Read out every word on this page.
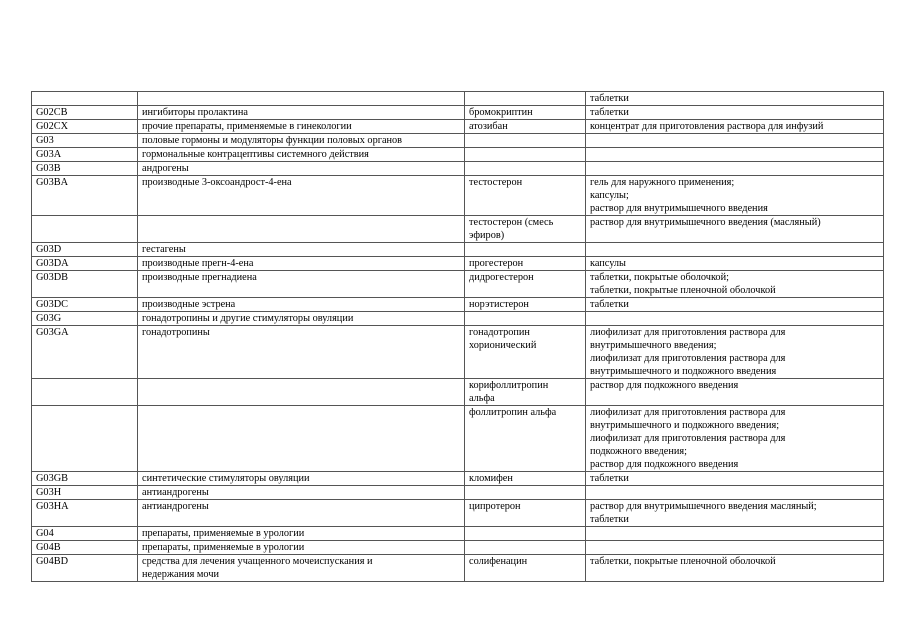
			таблетки

G02CB	ингибиторы пролактина	бромокриптин	таблетки

G02CX	прочие препараты, применяемые в гинекологии	атозибан	концентрат для приготовления раствора для инфузий

G03	половые гормоны и модуляторы функции половых органов		

G03A	гормональные контрацептивы системного действия		

G03B	андрогены		

G03BA	производные 3-оксоандрост-4-ена	тестостерон	гель для наружного применения;
капсулы;
раствор для внутримышечного введения

		тестостерон (смесь
эфиров)	раствор для внутримышечного введения (масляный)

G03D	гестагены		

G03DA	производные прегн-4-ена	прогестерон	капсулы

G03DB	производные прегнадиена	дидрогестерон	таблетки, покрытые оболочкой;
таблетки, покрытые пленочной оболочкой

G03DC	производные эстрена	норэтистерон	таблетки

G03G	гонадотропины и другие стимуляторы овуляции		

G03GA	гонадотропины	гонадотропин
хорионический	лиофилизат для приготовления раствора для
внутримышечного введения;
лиофилизат для приготовления раствора для
внутримышечного и подкожного введения

		корифоллитропин
альфа	раствор для подкожного введения

		фоллитропин альфа	лиофилизат для приготовления раствора для
внутримышечного и подкожного введения;
лиофилизат для приготовления раствора для
подкожного введения;
раствор для подкожного введения

G03GB	синтетические стимуляторы овуляции	кломифен	таблетки

G03H	антиандрогены		

G03HA	антиандрогены	ципротерон	раствор для внутримышечного введения масляный;
таблетки

G04	препараты, применяемые в урологии		

G04B	препараты, применяемые в урологии		

G04BD	средства для лечения учащенного мочеиспускания и
недержания мочи	солифенацин	таблетки, покрытые пленочной оболочкой
